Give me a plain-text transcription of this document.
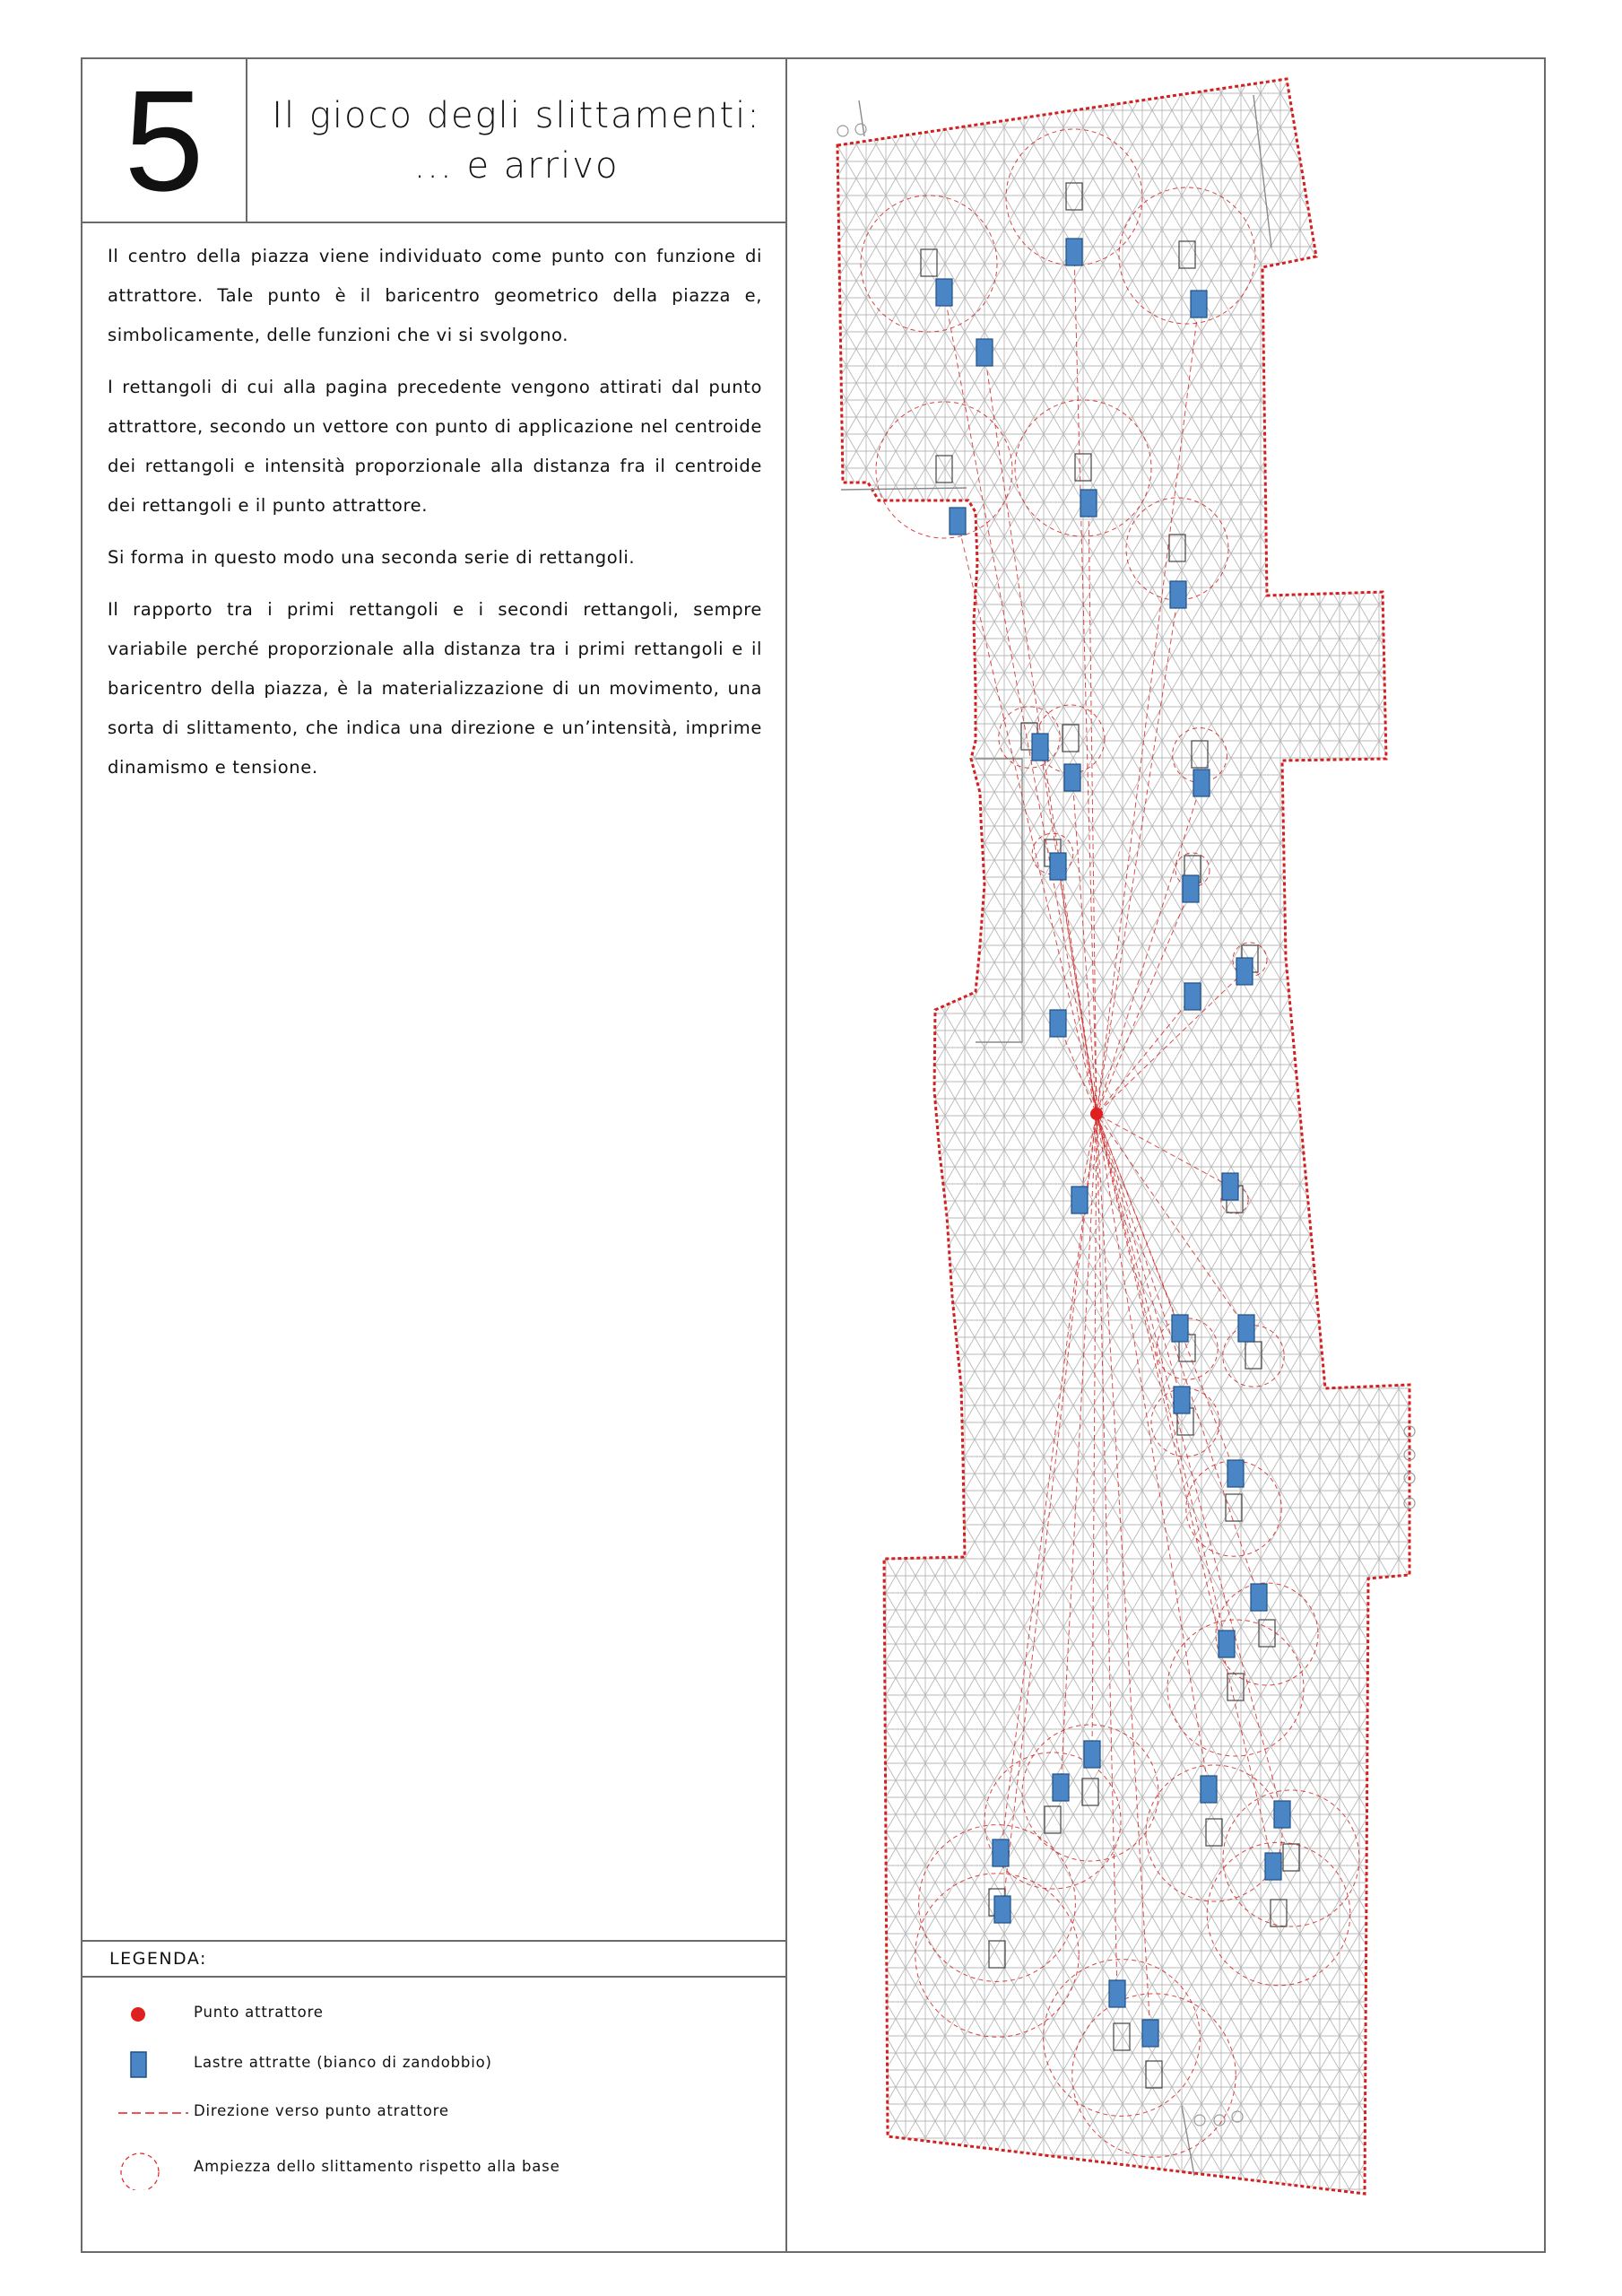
5 Il gioco degli slittamenti:
... e arrivo

Il centro della piazza viene individuato come punto con funzione di attrattore. Tale punto è il baricentro geometrico della piazza e, simbolicamente, delle funzioni che vi si svolgono.

I rettangoli di cui alla pagina precedente vengono attirati dal punto attrattore, secondo un vettore con punto di applicazione nel centroide dei rettangoli e intensità proporzionale alla distanza fra il centroide dei rettangoli e il punto attrattore.

Si forma in questo modo una seconda serie di rettangoli.

Il rapporto tra i primi rettangoli e i secondi rettangoli, sempre variabile perché proporzionale alla distanza tra i primi rettangoli e il baricentro della piazza, è la materializzazione di un movimento, una sorta di slittamento, che indica una direzione e un’intensità, imprime dinamismo e tensione.

LEGENDA:
Punto attrattore
Lastre attratte (bianco di zandobbio)
Direzione verso punto atrattore
Ampiezza dello slittamento rispetto alla base
